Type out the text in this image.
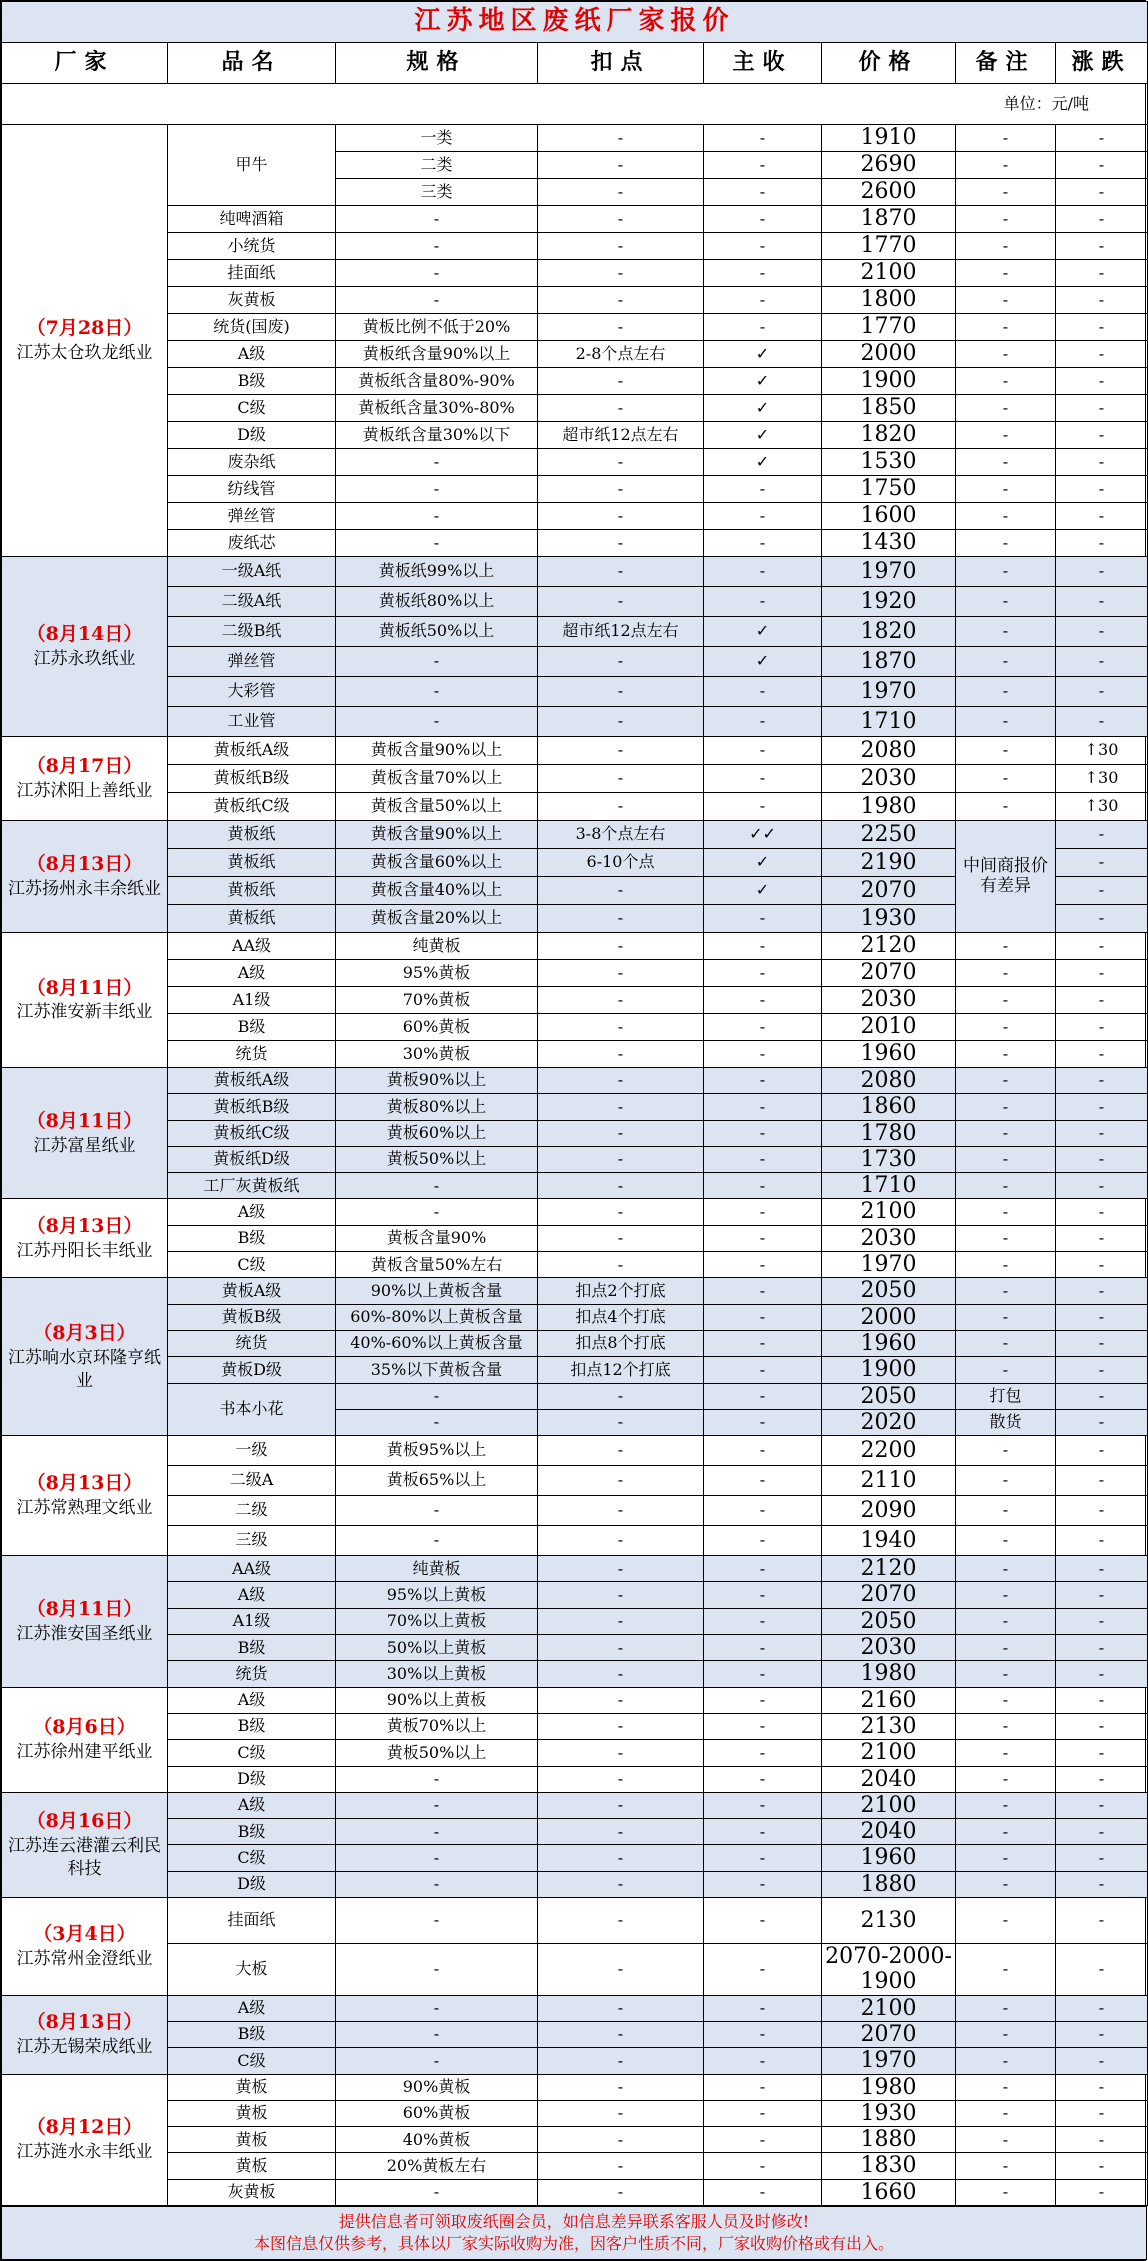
江苏地区废纸厂家报价							
厂家	品名	规格	扣点	主收	价格	备注	涨跌
单位：元/吨							

（7月28日）
江苏太仓玖龙纸业	甲牛	一类	-	-	1910	-	-
		二类	-	-	2690	-	-
		三类	-	-	2600	-	-
	纯啤酒箱	-	-	-	1870	-	-
	小统货	-	-	-	1770	-	-
	挂面纸	-	-	-	2100	-	-
	灰黄板	-	-	-	1800	-	-
	统货(国废)	黄板比例不低于20%	-	-	1770	-	-
	A级	黄板纸含量90%以上	2-8个点左右	✓	2000	-	-
	B级	黄板纸含量80%-90%	-	✓	1900	-	-
	C级	黄板纸含量30%-80%	-	✓	1850	-	-
	D级	黄板纸含量30%以下	超市纸12点左右	✓	1820	-	-
	废杂纸	-	-	✓	1530	-	-
	纺线管	-	-	-	1750	-	-
	弹丝管	-	-	-	1600	-	-
	废纸芯	-	-	-	1430	-	-

（8月14日）
江苏永玖纸业	一级A纸	黄板纸99%以上	-	-	1970	-	-
	二级A纸	黄板纸80%以上	-	-	1920	-	-
	二级B纸	黄板纸50%以上	超市纸12点左右	✓	1820	-	-
	弹丝管	-	-	✓	1870	-	-
	大彩管	-	-	-	1970	-	-
	工业管	-	-	-	1710	-	-

（8月17日）
江苏沭阳上善纸业	黄板纸A级	黄板含量90%以上	-	-	2080	-	↑30
	黄板纸B级	黄板含量70%以上	-	-	2030	-	↑30
	黄板纸C级	黄板含量50%以上	-	-	1980	-	↑30

（8月13日）
江苏扬州永丰余纸业	黄板纸	黄板含量90%以上	3-8个点左右	✓✓	2250	中间商报价有差异	-
	黄板纸	黄板含量60%以上	6-10个点	✓	2190		-
	黄板纸	黄板含量40%以上	-	✓	2070		-
	黄板纸	黄板含量20%以上	-	-	1930		-

（8月11日）
江苏淮安新丰纸业	AA级	纯黄板	-	-	2120	-	-
	A级	95%黄板	-	-	2070	-	-
	A1级	70%黄板	-	-	2030	-	-
	B级	60%黄板	-	-	2010	-	-
	统货	30%黄板	-	-	1960	-	-

（8月11日）
江苏富星纸业	黄板纸A级	黄板90%以上	-	-	2080	-	-
	黄板纸B级	黄板80%以上	-	-	1860	-	-
	黄板纸C级	黄板60%以上	-	-	1780	-	-
	黄板纸D级	黄板50%以上	-	-	1730	-	-
	工厂灰黄板纸	-	-	-	1710	-	-

（8月13日）
江苏丹阳长丰纸业	A级	-	-	-	2100	-	-
	B级	黄板含量90%	-	-	2030	-	-
	C级	黄板含量50%左右	-	-	1970	-	-

（8月3日）
江苏响水京环隆亨纸业	黄板A级	90%以上黄板含量	扣点2个打底	-	2050	-	-
	黄板B级	60%-80%以上黄板含量	扣点4个打底	-	2000	-	-
	统货	40%-60%以上黄板含量	扣点8个打底	-	1960	-	-
	黄板D级	35%以下黄板含量	扣点12个打底	-	1900	-	-
	书本小花	-	-	-	2050	打包	-
		-	-	-	2020	散货	-

（8月13日）
江苏常熟理文纸业	一级	黄板95%以上	-	-	2200	-	-
	二级A	黄板65%以上	-	-	2110	-	-
	二级	-	-	-	2090	-	-
	三级	-	-	-	1940	-	-

（8月11日）
江苏淮安国圣纸业	AA级	纯黄板	-	-	2120	-	-
	A级	95%以上黄板	-	-	2070	-	-
	A1级	70%以上黄板	-	-	2050	-	-
	B级	50%以上黄板	-	-	2030	-	-
	统货	30%以上黄板	-	-	1980	-	-

（8月6日）
江苏徐州建平纸业	A级	90%以上黄板	-	-	2160	-	-
	B级	黄板70%以上	-	-	2130	-	-
	C级	黄板50%以上	-	-	2100	-	-
	D级	-	-	-	2040	-	-

（8月16日）
江苏连云港灌云利民科技	A级	-	-	-	2100	-	-
	B级	-	-	-	2040	-	-
	C级	-	-	-	1960	-	-
	D级	-	-	-	1880	-	-

（3月4日）
江苏常州金澄纸业	挂面纸	-	-	-	2130	-	-
	大板	-	-	-	2070-2000-1900	-	-

（8月13日）
江苏无锡荣成纸业	A级	-	-	-	2100	-	-
	B级	-	-	-	2070	-	-
	C级	-	-	-	1970	-	-

（8月12日）
江苏涟水永丰纸业	黄板	90%黄板	-	-	1980	-	-
	黄板	60%黄板	-	-	1930	-	-
	黄板	40%黄板	-	-	1880	-	-
	黄板	20%黄板左右	-	-	1830	-	-
	灰黄板	-	-	-	1660	-	-
提供信息者可领取废纸圈会员，如信息差异联系客服人员及时修改!
本图信息仅供参考，具体以厂家实际收购为准，因客户性质不同，厂家收购价格或有出入。
